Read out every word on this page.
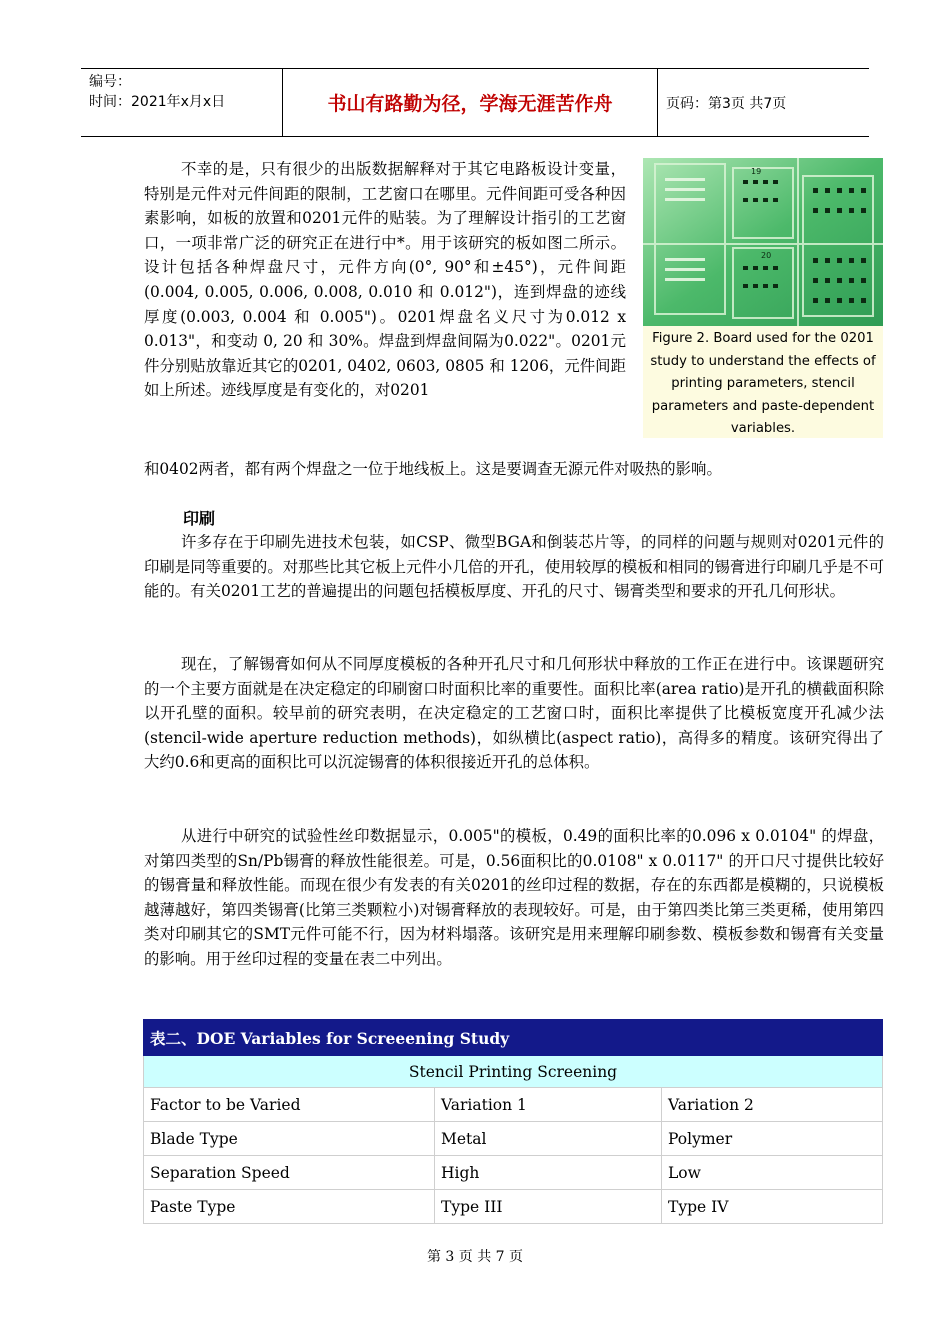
编号：
时间：2021年x月x日	书山有路勤为径，学海无涯苦作舟	页码：第3页 共7页

不幸的是，只有很少的出版数据解释对于其它电路板设计变量，特别是元件对元件间距的限制，工艺窗口在哪里。元件间距可受各种因素影响，如板的放置和0201元件的贴装。为了理解设计指引的工艺窗口，一项非常广泛的研究正在进行中*。用于该研究的板如图二所示。设计包括各种焊盘尺寸，元件方向(0°, 90°和±45°)，元件间距(0.004, 0.005, 0.006, 0.008, 0.010 和 0.012")，连到焊盘的迹线厚度(0.003, 0.004 和 0.005")。0201焊盘名义尺寸为0.012 x 0.013"，和变动 0, 20 和 30%。焊盘到焊盘间隔为0.022"。0201元件分别贴放靠近其它的0201, 0402, 0603, 0805 和 1206，元件间距如上所述。迹线厚度是有变化的，对0201

和0402两者，都有两个焊盘之一位于地线板上。这是要调查无源元件对吸热的影响。

19
20
Figure 2. Board used for the 0201 study to understand the effects of printing parameters, stencil parameters and paste-dependent variables.

印刷

许多存在于印刷先进技术包装，如CSP、微型BGA和倒装芯片等，的同样的问题与规则对0201元件的印刷是同等重要的。对那些比其它板上元件小几倍的开孔，使用较厚的模板和相同的锡膏进行印刷几乎是不可能的。有关0201工艺的普遍提出的问题包括模板厚度、开孔的尺寸、锡膏类型和要求的开孔几何形状。

现在，了解锡膏如何从不同厚度模板的各种开孔尺寸和几何形状中释放的工作正在进行中。该课题研究的一个主要方面就是在决定稳定的印刷窗口时面积比率的重要性。面积比率(area ratio)是开孔的横截面积除以开孔壁的面积。较早前的研究表明，在决定稳定的工艺窗口时，面积比率提供了比模板宽度开孔减少法(stencil-wide aperture reduction methods)，如纵横比(aspect ratio)，高得多的精度。该研究得出了大约0.6和更高的面积比可以沉淀锡膏的体积很接近开孔的总体积。

从进行中研究的试验性丝印数据显示，0.005"的模板，0.49的面积比率的0.096 x 0.0104" 的焊盘，对第四类型的Sn/Pb锡膏的释放性能很差。可是，0.56面积比的0.0108" x 0.0117" 的开口尺寸提供比较好的锡膏量和释放性能。而现在很少有发表的有关0201的丝印过程的数据，存在的东西都是模糊的，只说模板越薄越好，第四类锡膏(比第三类颗粒小)对锡膏释放的表现较好。可是，由于第四类比第三类更稀，使用第四类对印刷其它的SMT元件可能不行，因为材料塌落。该研究是用来理解印刷参数、模板参数和锡膏有关变量的影响。用于丝印过程的变量在表二中列出。

表二、DOE Variables for Screeening Study		
Stencil Printing Screening		
Factor to be Varied	Variation 1	Variation 2
Blade Type	Metal	Polymer
Separation Speed	High	Low
Paste Type	Type III	Type IV
第 3 页 共 7 页
